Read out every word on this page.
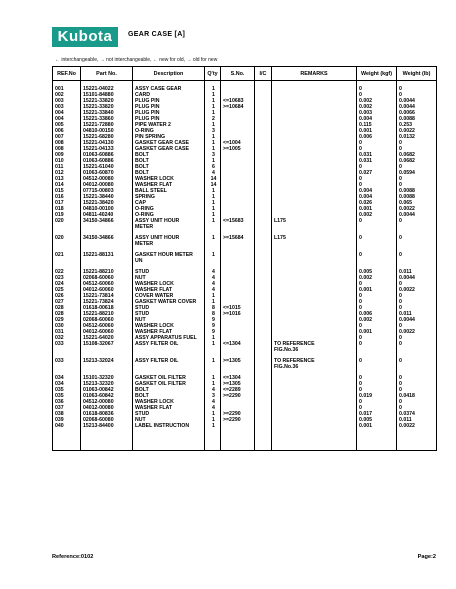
Kubota	GEAR CASE [A]
← interchangeable, → not interchangeable, ← new for old, → old for new
REF.No	Part No.	Description	Q'ty	S.No.	I/C	REMARKS	Weight (kgf)	Weight (lb)

001	15221-04022	ASSY CASE GEAR	1				0	0

002	15101-84880	CARD	1				0	0

003	15221-33820	PLUG PIN	1	<=10683			0.002	0.0044

003	15221-33820	PLUG PIN	1	>=10684			0.002	0.0044

004	15221-33840	PLUG PIN	1				0.003	0.0066

004	15221-33860	PLUG PIN	2				0.004	0.0088

005	15221-72880	PIPE WATER 2	1				0.115	0.253

006	04810-00150	O-RING	3				0.001	0.0022

007	15221-68280	PIN SPRING	1				0.006	0.0132

008	15221-04130	GASKET GEAR CASE	1	<=1004			0	0

008	15221-04133	GASKET GEAR CASE	1	>=1005			0	0

009	01063-60886	BOLT	3				0.031	0.0682

010	01063-60886	BOLT	1				0.031	0.0682

011	15221-61040	BOLT	6				0	0

012	01063-60870	BOLT	4				0.027	0.0594

013	04512-00080	WASHER LOCK	14				0	0

014	04012-00080	WASHER FLAT	14				0	0

015	07715-00803	BALL STEEL	1				0.004	0.0088

016	15221-38440	SPRING	1				0.004	0.0088

017	15221-38420	CAP	1				0.026	0.065

018	04810-00100	O-RING	1				0.001	0.0022

019	04811-40240	O-RING	1				0.002	0.0044

020	34150-34866	ASSY UNIT HOUR
METER	1	<=15683		L175	0	0

020	34150-34866	ASSY UNIT HOUR
METER	1	>=15684		L175	0	0

021	15221-88131	GASKET HOUR METER
UN	1				0	0

022	15221-88210	STUD	4				0.005	0.011

023	02068-60060	NUT	4				0.002	0.0044

024	04512-60060	WASHER LOCK	4				0	0

025	04012-60060	WASHER FLAT	4				0.001	0.0022

026	15221-73814	COVER WATER	1				0	0

027	15221-73824	GASKET WATER COVER	1				0	0

028	01618-00618	STUD	8	<=1015			0	0

028	15221-88210	STUD	8	>=1016			0.006	0.011

029	02068-60060	NUT	9				0.002	0.0044

030	04512-60060	WASHER LOCK	9				0	0

031	04012-60060	WASHER FLAT	9				0.001	0.0022

032	15221-64020	ASSY APPARATUS FUEL	1				0	0

033	15108-32067	ASSY FILTER OIL	1	<=1304		TO REFERENCE
FIG.No.36	0	0

033	15213-32024	ASSY FILTER OIL	1	>=1305		TO REFERENCE
FIG.No.36	0	0

034	15101-32320	GASKET OIL FILTER	1	<=1304			0	0

034	15213-32320	GASKET OIL FILTER	1	>=1305			0	0

035	01063-00842	BOLT	4	<=2289			0	0

035	01063-60842	BOLT	3	>=2290			0.019	0.0418

036	04512-00080	WASHER LOCK	4				0	0

037	04012-00080	WASHER FLAT	4				0	0

038	01618-80836	STUD	1	>=2290			0.017	0.0374

039	02068-60080	NUT	1	>=2290			0.005	0.011

040	15213-84400	LABEL INSTRUCTION	1				0.001	0.0022

Reference:0102	Page:2
